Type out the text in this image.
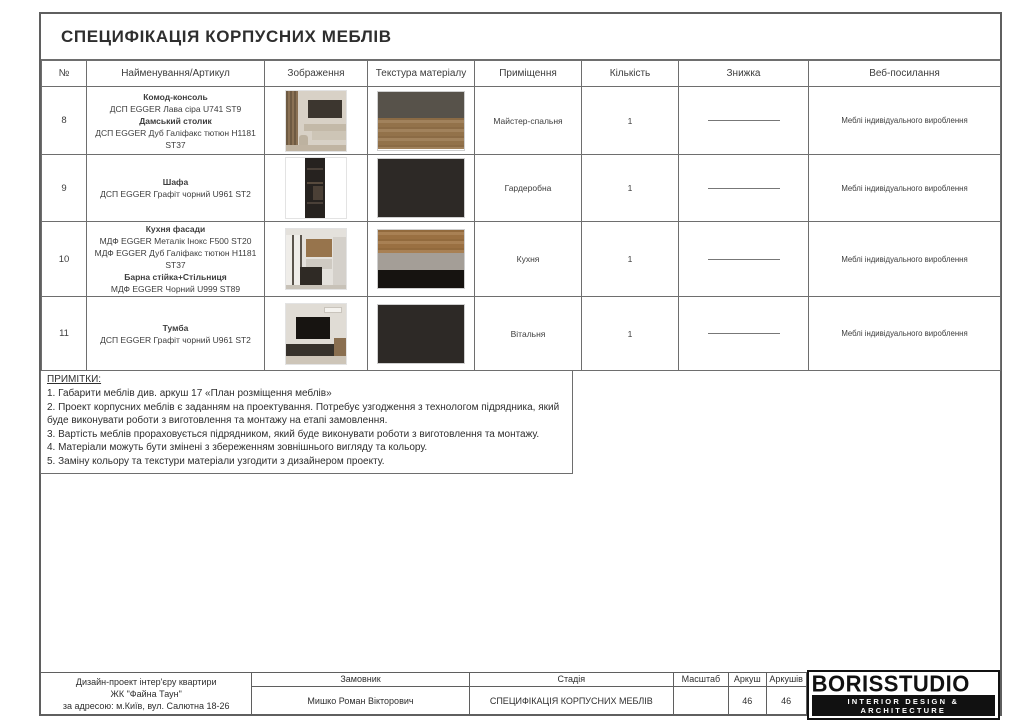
СПЕЦИФІКАЦІЯ КОРПУСНИХ МЕБЛІВ
№	Найменування/Артикул	Зображення	Текстура матеріалу	Приміщення	Кількість	Знижка	Веб-посилання
8	Комод-консоль
ДСП EGGER Лава сіра U741 ST9
Дамський столик
ДСП EGGER Дуб Галіфакс тютюн H1181 ST37			Майстер-спальня	1		Меблі індивідуального вироблення
9	Шафа
ДСП EGGER Графіт чорний U961 ST2			Гардеробна	1		Меблі індивідуального вироблення
10	Кухня фасади
МДФ EGGER Металік Інокс F500 ST20
МДФ EGGER Дуб Галіфакс тютюн H1181 ST37
Барна стійка+Стільниця
МДФ EGGER Чорний U999 ST89			Кухня	1		Меблі індивідуального вироблення
11	Тумба
ДСП EGGER Графіт чорний U961 ST2			Вітальня	1		Меблі індивідуального вироблення
ПРИМІТКИ:
1. Габарити меблів див. аркуш 17 «План розміщення меблів»
2. Проект корпусних меблів є заданням на проектування. Потребує узгодження з технологом підрядника, який буде виконувати роботи з виготовлення та монтажу на етапі замовлення.
3. Вартість меблів прораховується підрядником, який буде виконувати роботи з виготовлення та монтажу.
4. Матеріали можуть бути змінені з збереженням зовнішнього вигляду та кольору.
5. Заміну кольору та текстури матеріали узгодити з дизайнером проекту.
Дизайн-проект інтер'єру квартири
ЖК "Файна Таун"
за адресою: м.Київ, вул. Салютна 18-26
Замовник
Мишко Роман Вікторович
Стадія
СПЕЦИФІКАЦІЯ КОРПУСНИХ МЕБЛІВ
Масштаб	Аркуш
46
Аркушів
46
BORISSTUDIO
INTERIOR DESIGN & ARCHITECTURE
